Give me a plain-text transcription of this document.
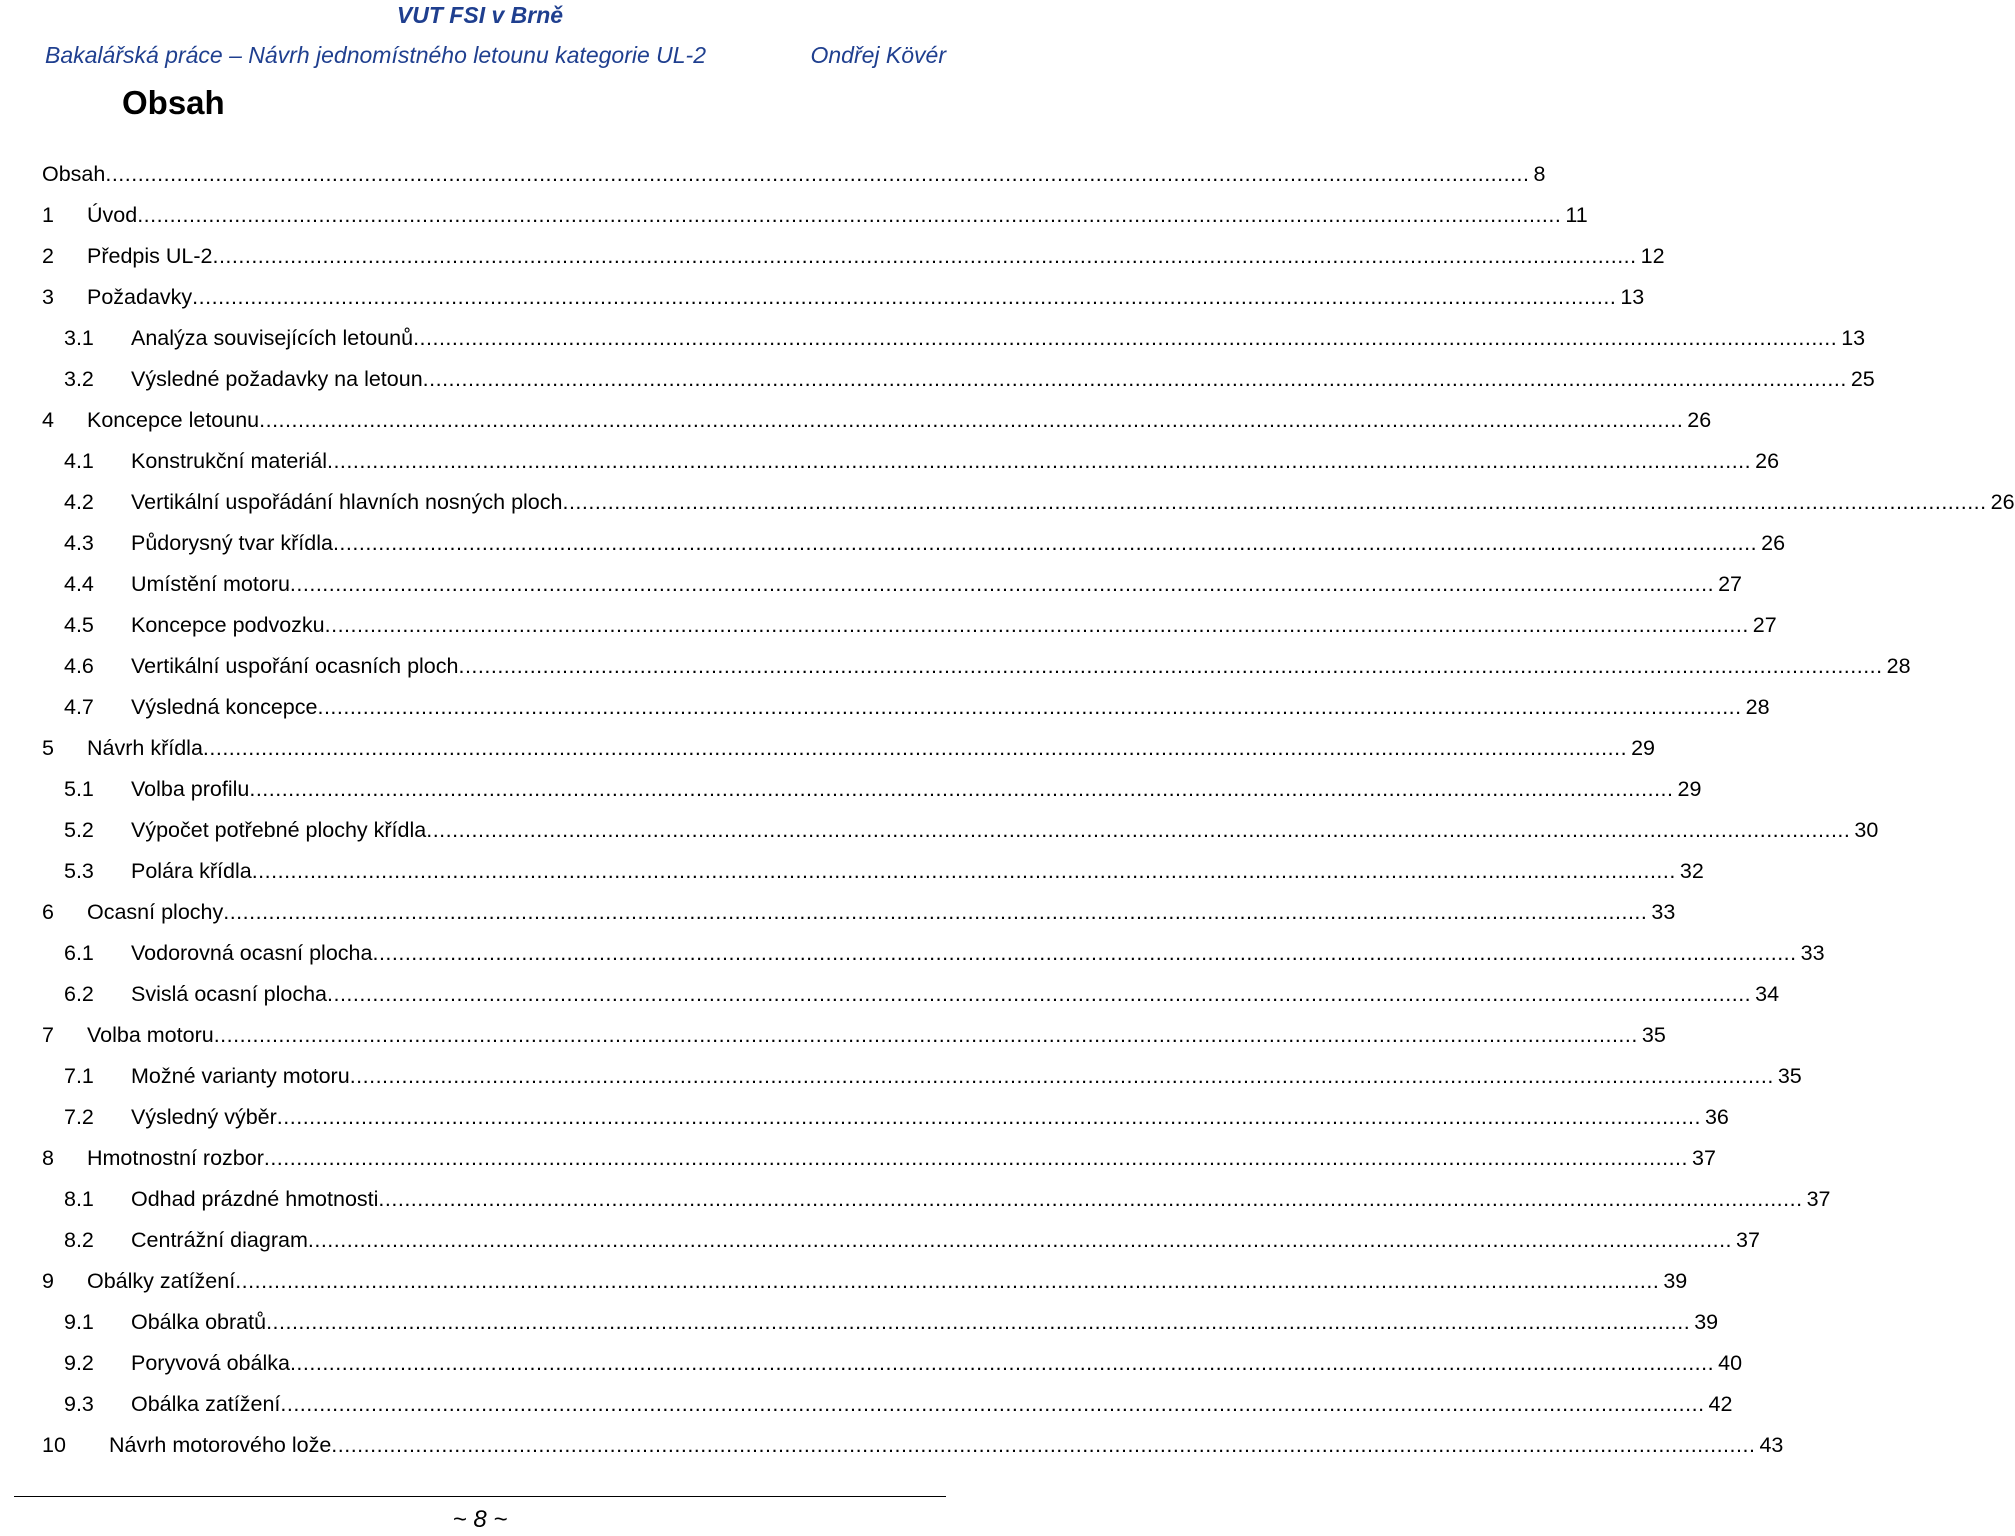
VUT FSI v Brně
Bakalářská práce – Návrh jednomístného letounu kategorie UL-2	Ondřej Kövér
Obsah
Obsah ............................................................................................................................................................................................................................ 8
1 Úvod ............................................................................................................................................................................................................................ 11
2 Předpis UL-2 ............................................................................................................................................................................................................................ 12
3 Požadavky ............................................................................................................................................................................................................................ 13
3.1 Analýza souvisejících letounů ............................................................................................................................................................................................................................ 13
3.2 Výsledné požadavky na letoun ............................................................................................................................................................................................................................ 25
4 Koncepce letounu ............................................................................................................................................................................................................................ 26
4.1 Konstrukční materiál ............................................................................................................................................................................................................................ 26
4.2 Vertikální uspořádání hlavních nosných ploch ............................................................................................................................................................................................................................ 26
4.3 Půdorysný tvar křídla ............................................................................................................................................................................................................................ 26
4.4 Umístění motoru ............................................................................................................................................................................................................................ 27
4.5 Koncepce podvozku ............................................................................................................................................................................................................................ 27
4.6 Vertikální uspořání ocasních ploch ............................................................................................................................................................................................................................ 28
4.7 Výsledná koncepce ............................................................................................................................................................................................................................ 28
5 Návrh křídla ............................................................................................................................................................................................................................ 29
5.1 Volba profilu ............................................................................................................................................................................................................................ 29
5.2 Výpočet potřebné plochy křídla ............................................................................................................................................................................................................................ 30
5.3 Polára křídla ............................................................................................................................................................................................................................ 32
6 Ocasní plochy ............................................................................................................................................................................................................................ 33
6.1 Vodorovná ocasní plocha ............................................................................................................................................................................................................................ 33
6.2 Svislá ocasní plocha ............................................................................................................................................................................................................................ 34
7 Volba motoru ............................................................................................................................................................................................................................ 35
7.1 Možné varianty motoru ............................................................................................................................................................................................................................ 35
7.2 Výsledný výběr ............................................................................................................................................................................................................................ 36
8 Hmotnostní rozbor ............................................................................................................................................................................................................................ 37
8.1 Odhad prázdné hmotnosti ............................................................................................................................................................................................................................ 37
8.2 Centrážní diagram ............................................................................................................................................................................................................................ 37
9 Obálky zatížení ............................................................................................................................................................................................................................ 39
9.1 Obálka obratů ............................................................................................................................................................................................................................ 39
9.2 Poryvová obálka ............................................................................................................................................................................................................................ 40
9.3 Obálka zatížení ............................................................................................................................................................................................................................ 42
10 Návrh motorového lože ............................................................................................................................................................................................................................ 43
~ 8 ~
